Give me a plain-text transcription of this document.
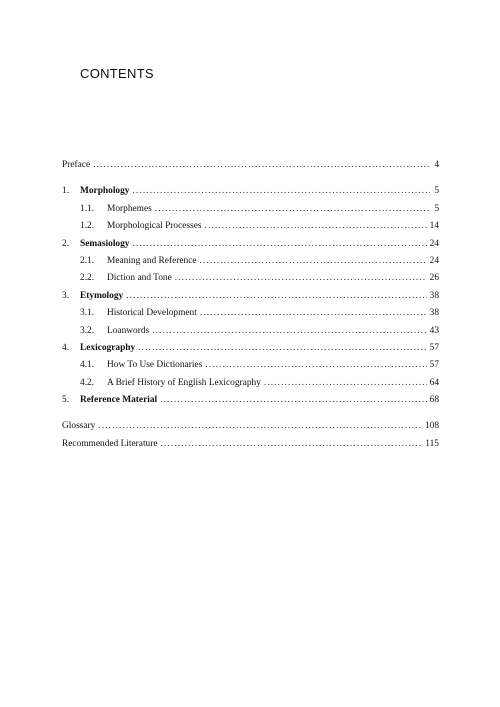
CONTENTS
Preface .....	4
1.	Morphology .....	5
1.1.	Morphemes .....	5
1.2.	Morphological Processes .....	14
2.	Semasiology .....	24
2.1.	Meaning and Reference .....	24
2.2.	Diction and Tone .....	26
3.	Etymology .....	38
3.1.	Historical Development .....	38
3.2.	Loanwords .....	43
4.	Lexicography .....	57
4.1.	How To Use Dictionaries .....	57
4.2.	A Brief History of English Lexicography .....	64
5.	Reference Material .....	68
Glossary .....	108
Recommended Literature .....	115
